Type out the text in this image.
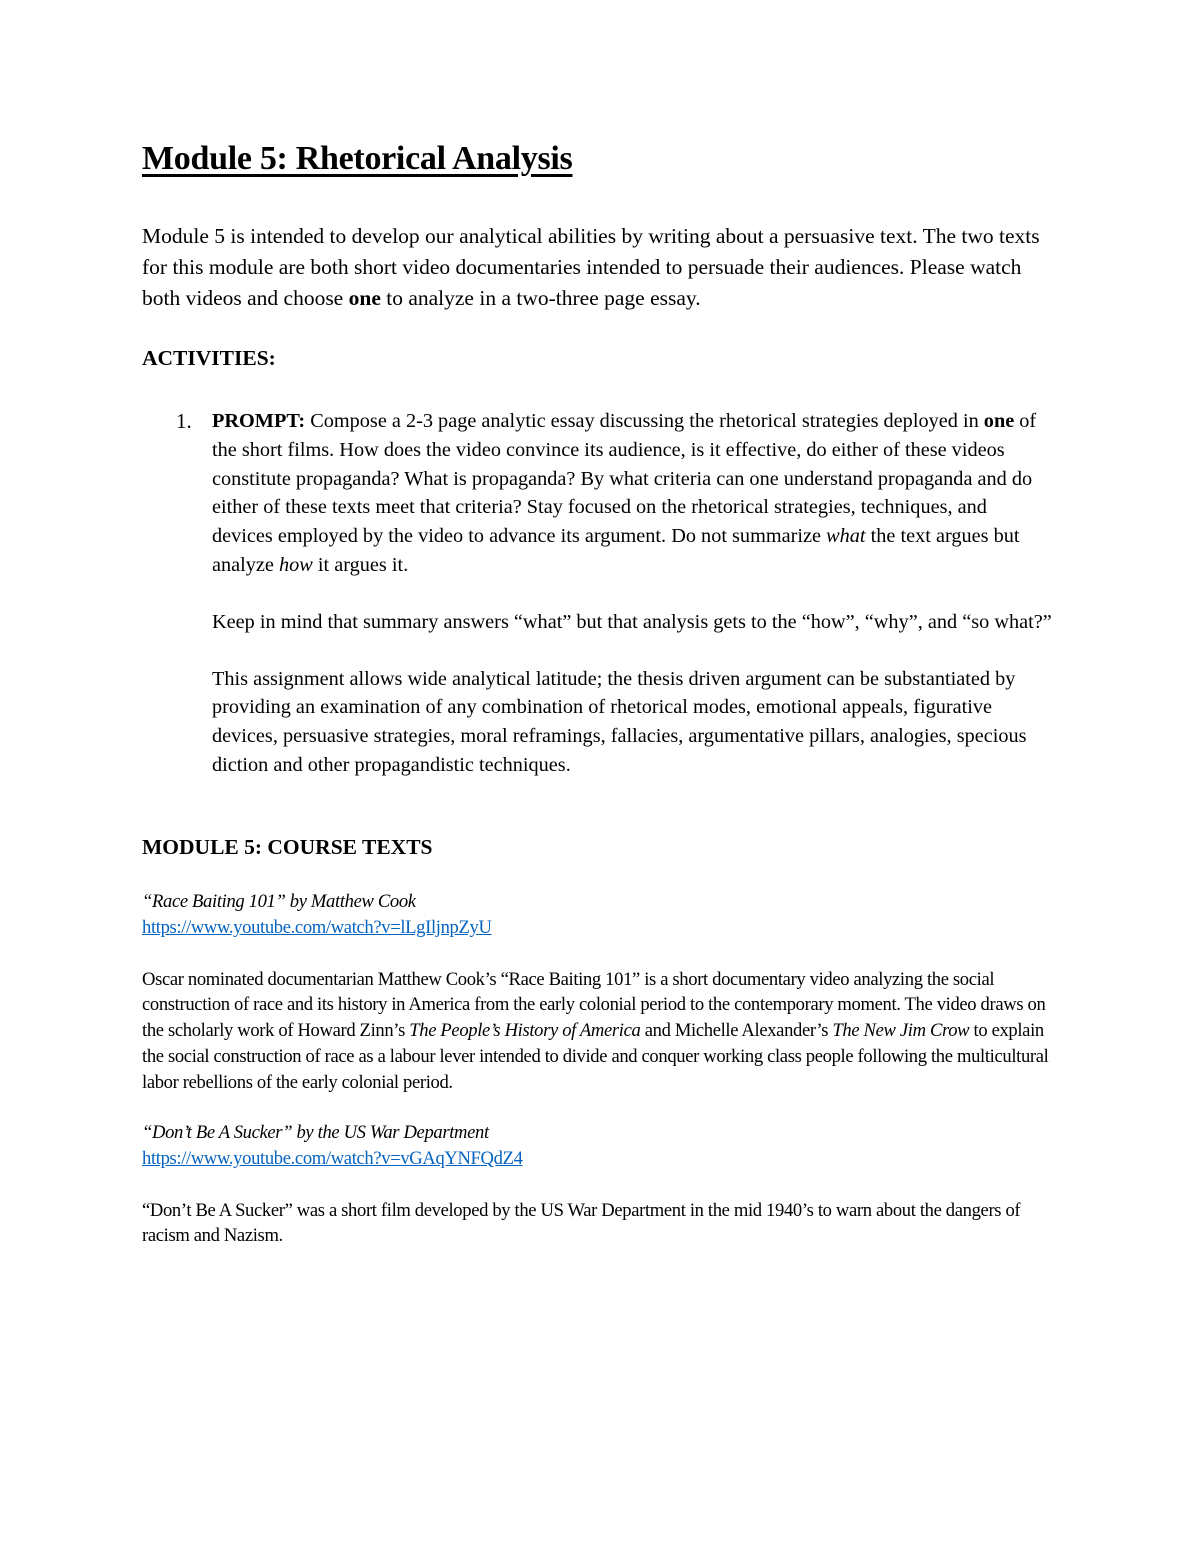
Module 5: Rhetorical Analysis

Module 5 is intended to develop our analytical abilities by writing about a persuasive text. The two texts for this module are both short video documentaries intended to persuade their audiences. Please watch both videos and choose one to analyze in a two-three page essay.

ACTIVITIES:
1. PROMPT: Compose a 2-3 page analytic essay discussing the rhetorical strategies deployed in one of the short films. How does the video convince its audience, is it effective, do either of these videos constitute propaganda? What is propaganda? By what criteria can one understand propaganda and do either of these texts meet that criteria? Stay focused on the rhetorical strategies, techniques, and devices employed by the video to advance its argument. Do not summarize what the text argues but analyze how it argues it.

Keep in mind that summary answers “what” but that analysis gets to the “how”, “why”, and “so what?”

This assignment allows wide analytical latitude; the thesis driven argument can be substantiated by providing an examination of any combination of rhetorical modes, emotional appeals, figurative devices, persuasive strategies, moral reframings, fallacies, argumentative pillars, analogies, specious diction and other propagandistic techniques.

MODULE 5: COURSE TEXTS

“Race Baiting 101” by Matthew Cook

https://www.youtube.com/watch?v=lLgIljnpZyU

Oscar nominated documentarian Matthew Cook’s “Race Baiting 101” is a short documentary video analyzing the social construction of race and its history in America from the early colonial period to the contemporary moment. The video draws on the scholarly work of Howard Zinn’s The People’s History of America and Michelle Alexander’s The New Jim Crow to explain the social construction of race as a labour lever intended to divide and conquer working class people following the multicultural labor rebellions of the early colonial period.

“Don’t Be A Sucker” by the US War Department

https://www.youtube.com/watch?v=vGAqYNFQdZ4

“Don’t Be A Sucker” was a short film developed by the US War Department in the mid 1940’s to warn about the dangers of racism and Nazism.
